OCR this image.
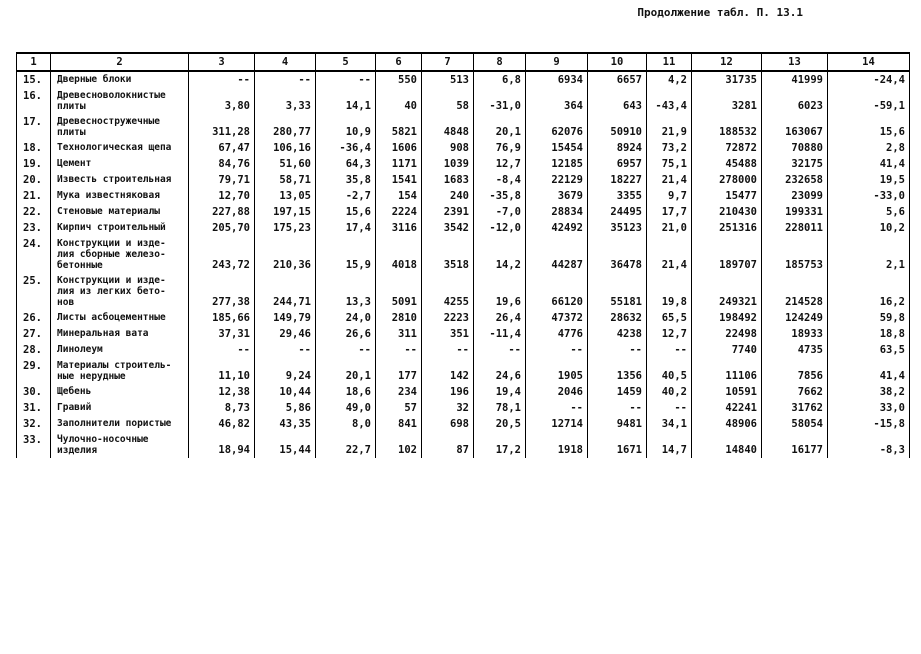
Продолжение табл. П. 13.1
1	2	3	4	5	6	7	8	9	10	11	12	13	14
15.	Дверные блоки	--	--	--	550	513	6,8	6934	6657	4,2	31735	41999	-24,4
16.	Древесноволокнистые
плиты	3,80	3,33	14,1	40	58	-31,0	364	643	-43,4	3281	6023	-59,1
17.	Древесностружечные
плиты	311,28	280,77	10,9	5821	4848	20,1	62076	50910	21,9	188532	163067	15,6
18.	Технологическая щепа	67,47	106,16	-36,4	1606	908	76,9	15454	8924	73,2	72872	70880	2,8
19.	Цемент	84,76	51,60	64,3	1171	1039	12,7	12185	6957	75,1	45488	32175	41,4
20.	Известь строительная	79,71	58,71	35,8	1541	1683	-8,4	22129	18227	21,4	278000	232658	19,5
21.	Мука известняковая	12,70	13,05	-2,7	154	240	-35,8	3679	3355	9,7	15477	23099	-33,0
22.	Стеновые материалы	227,88	197,15	15,6	2224	2391	-7,0	28834	24495	17,7	210430	199331	5,6
23.	Кирпич строительный	205,70	175,23	17,4	3116	3542	-12,0	42492	35123	21,0	251316	228011	10,2
24.	Конструкции и изде-
лия сборные железо-
бетонные	243,72	210,36	15,9	4018	3518	14,2	44287	36478	21,4	189707	185753	2,1
25.	Конструкции и изде-
лия из легких бето-
нов	277,38	244,71	13,3	5091	4255	19,6	66120	55181	19,8	249321	214528	16,2
26.	Листы асбоцементные	185,66	149,79	24,0	2810	2223	26,4	47372	28632	65,5	198492	124249	59,8
27.	Минеральная вата	37,31	29,46	26,6	311	351	-11,4	4776	4238	12,7	22498	18933	18,8
28.	Линолеум	--	--	--	--	--	--	--	--	--	7740	4735	63,5
29.	Материалы строитель-
ные нерудные	11,10	9,24	20,1	177	142	24,6	1905	1356	40,5	11106	7856	41,4
30.	Щебень	12,38	10,44	18,6	234	196	19,4	2046	1459	40,2	10591	7662	38,2
31.	Гравий	8,73	5,86	49,0	57	32	78,1	--	--	--	42241	31762	33,0
32.	Заполнители пористые	46,82	43,35	8,0	841	698	20,5	12714	9481	34,1	48906	58054	-15,8
33.	Чулочно-носочные
изделия	18,94	15,44	22,7	102	87	17,2	1918	1671	14,7	14840	16177	-8,3
